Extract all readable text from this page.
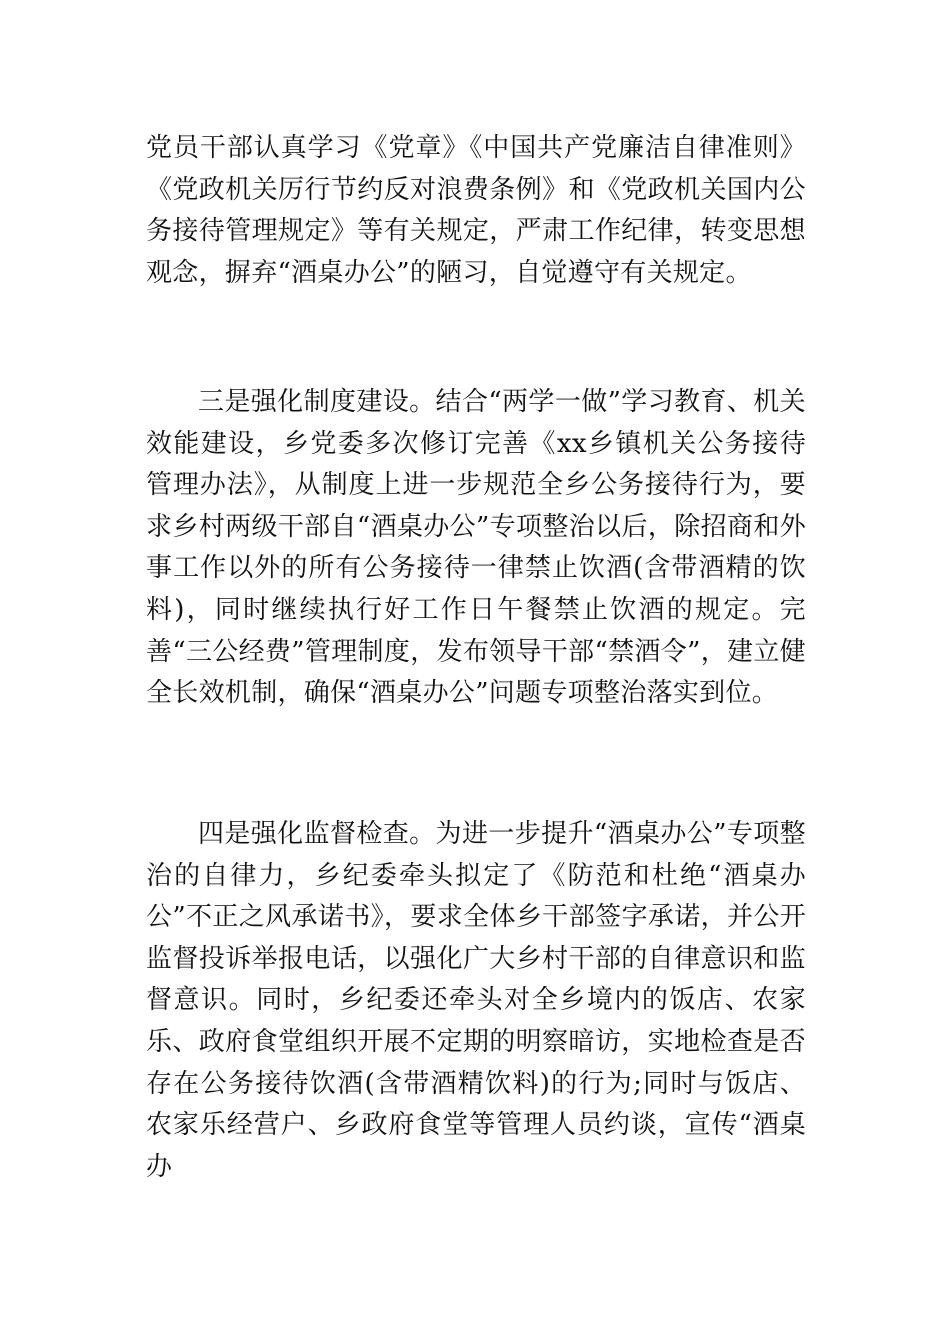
党员干部认真学习《党章》《中国共产党廉洁自律准则》《党政机关厉行节约反对浪费条例》和《党政机关国内公务接待管理规定》等有关规定，严肃工作纪律，转变思想观念，摒弃“酒桌办公”的陋习，自觉遵守有关规定。

三是强化制度建设。结合“两学一做”学习教育、机关效能建设，乡党委多次修订完善《xx乡镇机关公务接待管理办法》，从制度上进一步规范全乡公务接待行为，要求乡村两级干部自“酒桌办公”专项整治以后，除招商和外事工作以外的所有公务接待一律禁止饮酒(含带酒精的饮料)，同时继续执行好工作日午餐禁止饮酒的规定。完善“三公经费”管理制度，发布领导干部“禁酒令”，建立健全长效机制，确保“酒桌办公”问题专项整治落实到位。

四是强化监督检查。为进一步提升“酒桌办公”专项整治的自律力，乡纪委牵头拟定了《防范和杜绝“酒桌办公”不正之风承诺书》，要求全体乡干部签字承诺，并公开监督投诉举报电话，以强化广大乡村干部的自律意识和监督意识。同时，乡纪委还牵头对全乡境内的饭店、农家乐、政府食堂组织开展不定期的明察暗访，实地检查是否存在公务接待饮酒(含带酒精饮料)的行为;同时与饭店、农家乐经营户、乡政府食堂等管理人员约谈，宣传“酒桌办
